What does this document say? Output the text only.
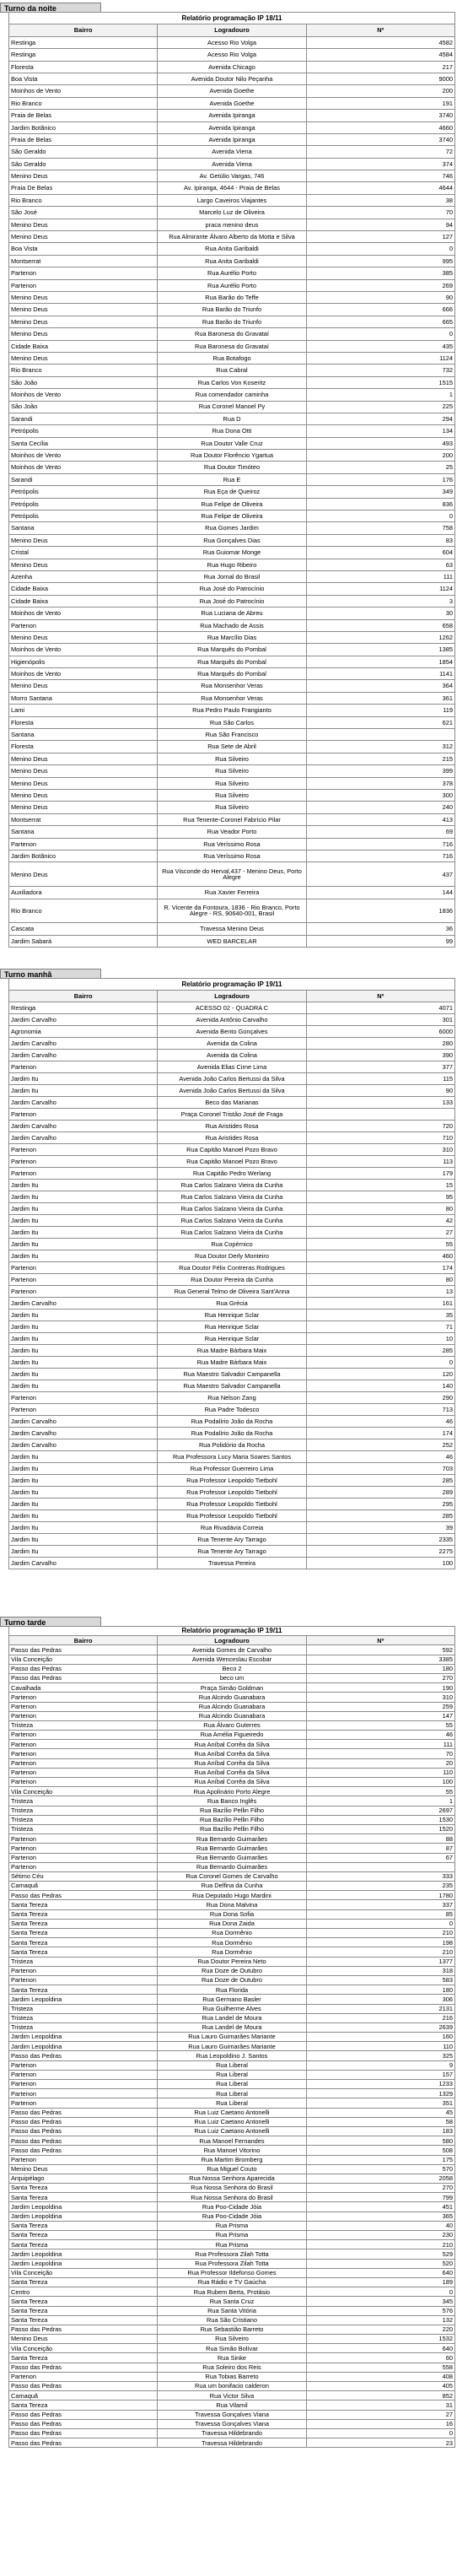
Turno da noite
Relatório programação IP 18/11		
Bairro	Logradouro	Nº
Restinga	Acesso Rio Volga	4582
Restinga	Acesso Rio Volga	4584
Floresta	Avenida Chicago	217
Boa Vista	Avenida Doutor Nilo Peçanha	9000
Moinhos de Vento	Avenida Goethe	200
Rio Branco	Avenida Goethe	191
Praia de Belas	Avenida Ipiranga	3740
Jardim Botânico	Avenida Ipiranga	4660
Praia de Belas	Avenida Ipiranga	3740
São Geraldo	Avenida Viena	72
São Geraldo	Avenida Viena	374
Menino Deus	Av. Getúlio Vargas, 746	746
Praia De Belas	Av. Ipiranga, 4644 - Praia de Belas	4644
Rio Branco	Largo Caveiros Viajantes	38
São José	Marcelo Luz de Oliveira	70
Menino Deus	praca menino deus	94
Menino Deus	Rua Almirante Álvaro Alberto da Motta e Silva	127
Boa Vista	Rua Anita Garibaldi	0
Montserrat	Rua Anita Garibaldi	995
Partenon	Rua Aurélio Porto	385
Partenon	Rua Aurélio Porto	269
Menino Deus	Rua Barão do Teffe	90
Menino Deus	Rua Barão do Triunfo	666
Menino Deus	Rua Barão do Triunfo	665
Menino Deus	Rua Baronesa do Gravataí	0
Cidade Baixa	Rua Baronesa do Gravataí	435
Menino Deus	Rua Botafogo	1124
Rio Branco	Rua Cabral	732
São João	Rua Carlos Von Koseritz	1515
Moinhos de Vento	Rua comendador caminha	1
São João	Rua Coronel Manoel Py	225
Sarandi	Rua D	294
Petrópolis	Rua Dona Otti	134
Santa Cecília	Rua Doutor Valle Cruz	493
Moinhos de Vento	Rua Doutor Florêncio Ygartua	200
Moinhos de Vento	Rua Doutor Timóteo	25
Sarandi	Rua E	176
Petrópolis	Rua Eça de Queiroz	349
Petrópolis	Rua Felipe de Oliveira	836
Petrópolis	Rua Felipe de Oliveira	0
Santana	Rua Gomes Jardim	758
Menino Deus	Rua Gonçalves Dias	83
Cristal	Rua Guiomar Monge	604
Menino Deus	Rua Hugo Ribeiro	63
Azenha	Rua Jornal do Brasil	111
Cidade Baixa	Rua José do Patrocínio	1124
Cidade Baixa	Rua José do Patrocínio	3
Moinhos de Vento	Rua Luciana de Abreu	30
Partenon	Rua Machado de Assis	658
Menino Deus	Rua Marcílio Dias	1262
Moinhos de Vento	Rua Marquês do Pombal	1385
Higienópolis	Rua Marquês do Pombal	1854
Moinhos de Vento	Rua Marquês do Pombal	1141
Menino Deus	Rua Monsenhor Veras	364
Morro Santana	Rua Monsenhor Veras	361
Lami	Rua Pedro Paulo Frangianto	119
Floresta	Rua São Carlos	621
Santana	Rua São Francisco	
Floresta	Rua Sete de Abril	312
Menino Deus	Rua Silveiro	215
Menino Deus	Rua Silveiro	399
Menino Deus	Rua Silveiro	378
Menino Deus	Rua Silveiro	300
Menino Deus	Rua Silveiro	240
Montserrat	Rua Tenente-Coronel Fabrício Pilar	413
Santana	Rua Veador Porto	69
Partenon	Rua Veríssimo Rosa	716
Jardim Botânico	Rua Veríssimo Rosa	716
Menino Deus	Rua Visconde do Herval,437 - Menino Deus, Porto Alegre	437
Auxiliadora	Rua Xavier Ferreira	144
Rio Branco	R. Vicente da Fontoura, 1836 - Rio Branco, Porto Alegre - RS, 90640-001, Brasil	1836
Cascata	Travessa Menino Deus	36
Jardim Sabará	WED BARCELAR	99
Turno manhã
Relatório programação IP 19/11		
Bairro	Logradouro	Nº
Restinga	ACESSO 02 - QUADRA C	4071
Jardim Carvalho	Avenida Antônio Carvalho	301
Agronomia	Avenida Bento Gonçalves	6000
Jardim Carvalho	Avenida da Colina	280
Jardim Carvalho	Avenida da Colina	390
Partenon	Avenida Elias Cirne Lima	377
Jardim Itu	Avenida João Carlos Bertussi da Silva	115
Jardim Itu	Avenida João Carlos Bertussi da Silva	90
Jardim Carvalho	Beco das Marianas	133
Partenon	Praça Coronel Tristão José de Fraga	
Jardim Carvalho	Rua Aristides Rosa	720
Jardim Carvalho	Rua Aristides Rosa	710
Partenon	Rua Capitão Manoel Pozo Bravo	310
Partenon	Rua Capitão Manoel Pozo Bravo	113
Partenon	Rua Capitão Pedro Werlang	179
Jardim Itu	Rua Carlos Salzano Vieira da Cunha	15
Jardim Itu	Rua Carlos Salzano Vieira da Cunha	95
Jardim Itu	Rua Carlos Salzano Vieira da Cunha	80
Jardim Itu	Rua Carlos Salzano Vieira da Cunha	42
Jardim Itu	Rua Carlos Salzano Vieira da Cunha	27
Jardim Itu	Rua Copérnico	55
Jardim Itu	Rua Doutor Derly Monteiro	460
Partenon	Rua Doutor Félix Contreras Rodrigues	174
Partenon	Rua Doutor Pereira da Cunha	80
Partenon	Rua General Telmo de Oliveira Sant'Anna	13
Jardim Carvalho	Rua Grécia	161
Jardim Itu	Rua Henrique Sclar	35
Jardim Itu	Rua Henrique Sclar	71
Jardim Itu	Rua Henrique Sclar	10
Jardim Itu	Rua Madre Bárbara Maix	285
Jardim Itu	Rua Madre Bárbara Maix	0
Jardim Itu	Rua Maestro Salvador Campanella	120
Jardim Itu	Rua Maestro Salvador Campanella	140
Partenon	Rua Nelson Zang	290
Partenon	Rua Padre Todesco	713
Jardim Carvalho	Rua Podalírio João da Rocha	46
Jardim Carvalho	Rua Podalírio João da Rocha	174
Jardim Carvalho	Rua Polidório da Rocha	252
Jardim Itu	Rua Professora Lucy Maria Soares Santos	46
Jardim Itu	Rua Professor Guerreiro Lima	703
Jardim Itu	Rua Professor Leopoldo Tietbohl	285
Jardim Itu	Rua Professor Leopoldo Tietbohl	289
Jardim Itu	Rua Professor Leopoldo Tietbohl	295
Jardim Itu	Rua Professor Leopoldo Tietbohl	285
Jardim Itu	Rua Rivadávia Correia	39
Jardim Itu	Rua Tenente Ary Tarrago	2335
Jardim Itu	Rua Tenente Ary Tarrago	2275
Jardim Carvalho	Travessa Pereira	100
Turno tarde
Relatório programação IP 19/11		
Bairro	Logradouro	Nº
Passo das Pedras	Avenida Gomes de Carvalho	592
Vila Conceição	Avenida Wenceslau Escobar	3385
Passo das Pedras	Beco 2	180
Passo das Pedras	beco um	270
Cavalhada	Praça Simão Goldman	190
Partenon	Rua Alcindo Guanabara	310
Partenon	Rua Alcindo Guanabara	259
Partenon	Rua Alcindo Guanabara	147
Tristeza	Rua Álvaro Guterres	55
Partenon	Rua Amélia Figueiredo	46
Partenon	Rua Aníbal Corrêa da Silva	111
Partenon	Rua Aníbal Corrêa da Silva	70
Partenon	Rua Aníbal Corrêa da Silva	20
Partenon	Rua Aníbal Corrêa da Silva	110
Partenon	Rua Aníbal Corrêa da Silva	100
Vila Conceição	Rua Apolinário Porto Alegre	55
Tristeza	Rua Banco Inglês	1
Tristeza	Rua Bazílio Pellin Filho	2697
Tristeza	Rua Bazílio Pellin Filho	1530
Tristeza	Rua Bazílio Pellin Filho	1520
Partenon	Rua Bernardo Guimarães	88
Partenon	Rua Bernardo Guimarães	87
Partenon	Rua Bernardo Guimarães	67
Partenon	Rua Bernardo Guimarães	
Sétimo Céu	Rua Coronel Gomes de Carvalho	333
Camaquã	Rua Delfina da Cunha	235
Passo das Pedras	Rua Deputado Hugo Mardini	1780
Santa Tereza	Rua Dona Malvina	337
Santa Tereza	Rua Dona Sofia	85
Santa Tereza	Rua Dona Zaida	0
Santa Tereza	Rua Dormênio	210
Santa Tereza	Rua Dormênio	198
Santa Tereza	Rua Dormênio	210
Tristeza	Rua Doutor Pereira Neto	1377
Partenon	Rua Doze de Outubro	318
Partenon	Rua Doze de Outubro	583
Santa Tereza	Rua Florida	180
Jardim Leopoldina	Rua Germano Basler	306
Tristeza	Rua Guilherme Alves	2131
Tristeza	Rua Landel de Moura	216
Tristeza	Rua Landel de Moura	2639
Jardim Leopoldina	Rua Lauro Guimarães Mariante	160
Jardim Leopoldina	Rua Lauro Guimarães Mariante	110
Passo das Pedras	Rua Leopoldino J. Santos	325
Partenon	Rua Liberal	9
Partenon	Rua Liberal	157
Partenon	Rua Liberal	1233
Partenon	Rua Liberal	1329
Partenon	Rua Liberal	351
Passo das Pedras	Rua Luiz Caetano Antonelli	45
Passo das Pedras	Rua Luiz Caetano Antonelli	58
Passo das Pedras	Rua Luiz Caetano Antonelli	183
Passo das Pedras	Rua Manoel Fernandes	580
Passo das Pedras	Rua Manoel Vitorino	508
Partenon	Rua Martim Bromberg	175
Menino Deus	Rua Miguel Couto	570
Arquipélago	Rua Nossa Senhora Aparecida	2058
Santa Tereza	Rua Nossa Senhora do Brasil	270
Santa Tereza	Rua Nossa Senhora do Brasil	799
Jardim Leopoldina	Rua Poo-Cidade Jóia	451
Jardim Leopoldina	Rua Poo-Cidade Jóia	365
Santa Tereza	Rua Prisma	40
Santa Tereza	Rua Prisma	230
Santa Tereza	Rua Prisma	210
Jardim Leopoldina	Rua Professora Zilah Totta	529
Jardim Leopoldina	Rua Professora Zilah Totta	520
Vila Conceição	Rua Professor Ildefonso Gomes	640
Santa Tereza	Rua Rádio e TV Gaúcha	189
Centro	Rua Rubem Berta, Protásio	0
Santa Tereza	Rua Santa Cruz	345
Santa Tereza	Rua Santa Vitória	576
Santa Tereza	Rua São Cristiano	132
Passo das Pedras	Rua Sebastião Barreto	220
Menino Deus	Rua Silveiro	1532
Vila Conceição	Rua Simão Bolívar	640
Santa Tereza	Rua Sinke	60
Passo das Pedras	Rua Soleiro dos Reis	558
Partenon	Rua Tobias Barreto	408
Passo das Pedras	Rua um bonifacio calderon	405
Camaquã	Rua Victor Silva	852
Santa Tereza	Rua Vilamil	31
Passo das Pedras	Travessa Gonçalves Viana	27
Passo das Pedras	Travessa Gonçalves Viana	16
Passo das Pedras	Travessa Hildebrando	0
Passo das Pedras	Travessa Hildebrando	23
